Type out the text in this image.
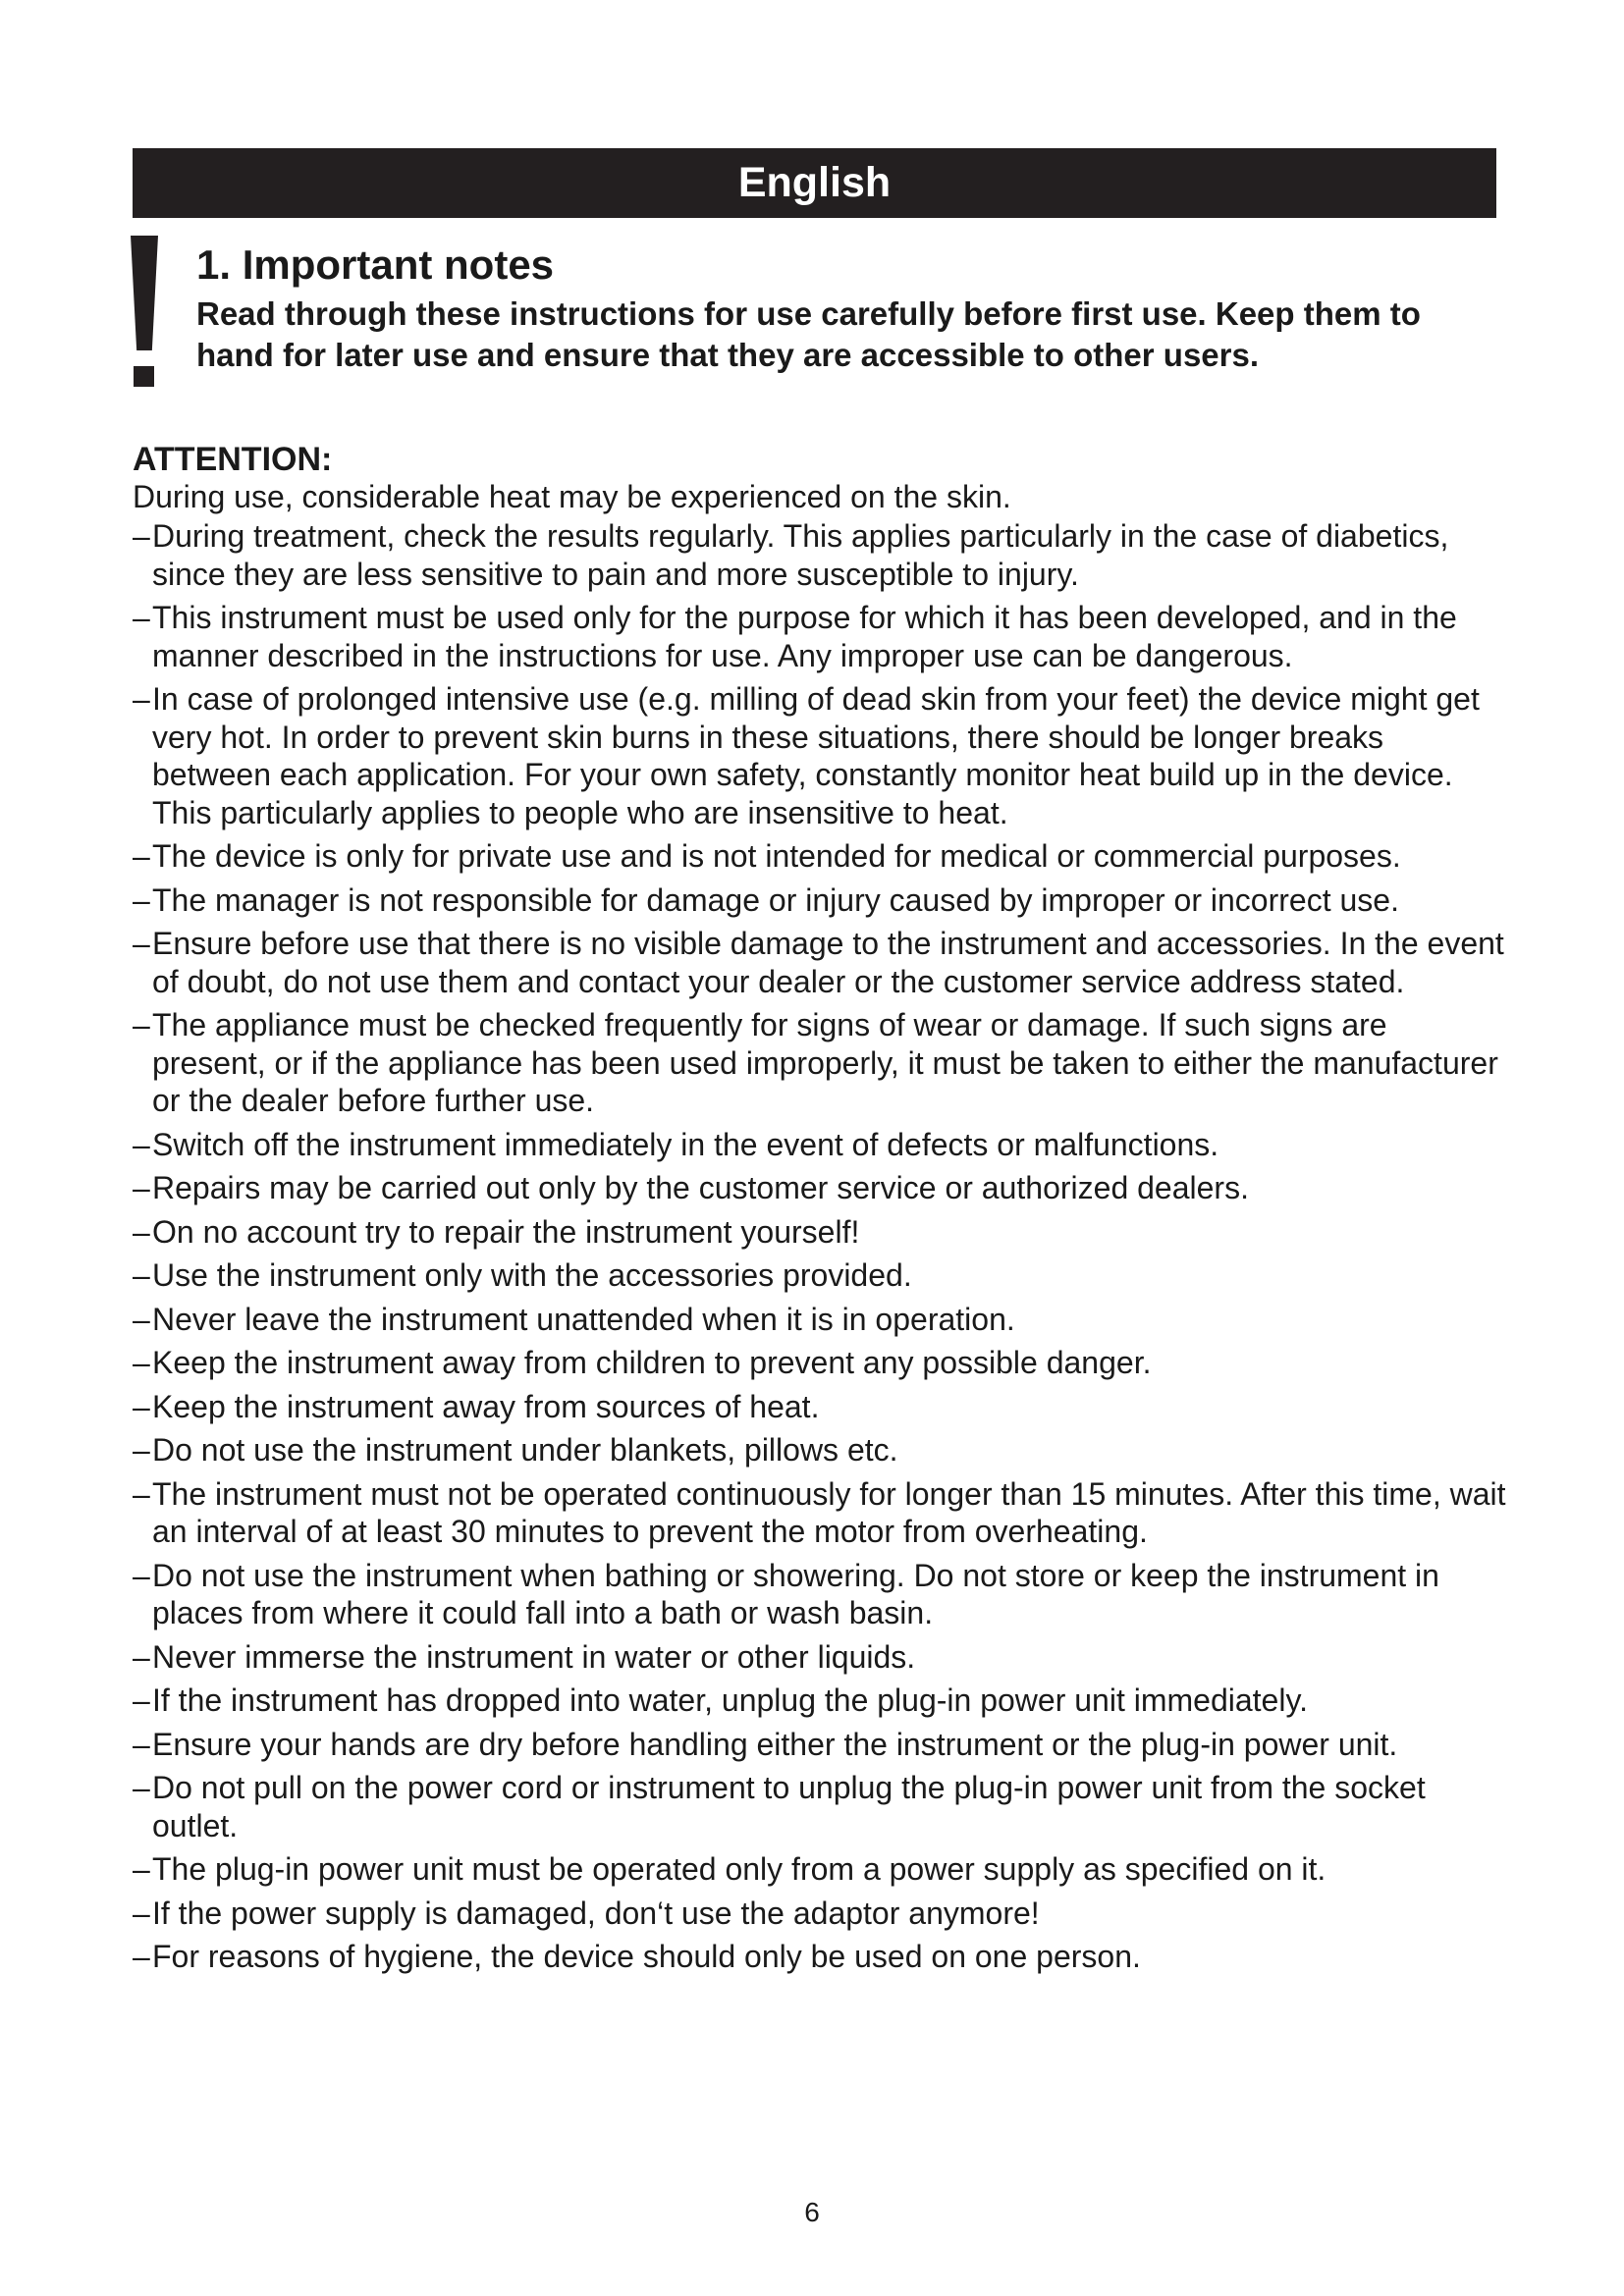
English
1. Important notes

Read through these instructions for use carefully before first use. Keep them to hand for later use and ensure that they are accessible to other users.

ATTENTION:

During use, considerable heat may be experienced on the skin.

– During treatment, check the results regularly. This applies particularly in the case of diabetics, since they are less sensitive to pain and more susceptible to injury.
– This instrument must be used only for the purpose for which it has been developed, and in the manner described in the instructions for use. Any improper use can be dangerous.
– In case of prolonged intensive use (e.g. milling of dead skin from your feet) the device might get very hot. In order to prevent skin burns in these situations, there should be longer breaks between each application. For your own safety, constantly monitor heat build up in the device. This particularly applies to people who are insensitive to heat.
– The device is only for private use and is not intended for medical or commercial purposes.
– The manager is not responsible for damage or injury caused by improper or incorrect use.
– Ensure before use that there is no visible damage to the instrument and accessories. In the event of doubt, do not use them and contact your dealer or the customer service address stated.
– The appliance must be checked frequently for signs of wear or damage. If such signs are present, or if the appliance has been used improperly, it must be taken to either the manufacturer or the dealer before further use.
– Switch off the instrument immediately in the event of defects or malfunctions.
– Repairs may be carried out only by the customer service or authorized dealers.
– On no account try to repair the instrument yourself!
– Use the instrument only with the accessories provided.
– Never leave the instrument unattended when it is in operation.
– Keep the instrument away from children to prevent any possible danger.
– Keep the instrument away from sources of heat.
– Do not use the instrument under blankets, pillows etc.
– The instrument must not be operated continuously for longer than 15 minutes. After this time, wait an interval of at least 30 minutes to prevent the motor from overheating.
– Do not use the instrument when bathing or showering. Do not store or keep the instrument in places from where it could fall into a bath or wash basin.
– Never immerse the instrument in water or other liquids.
– If the instrument has dropped into water, unplug the plug-in power unit immediately.
– Ensure your hands are dry before handling either the instrument or the plug-in power unit.
– Do not pull on the power cord or instrument to unplug the plug-in power unit from the socket outlet.
– The plug-in power unit must be operated only from a power supply as specified on it.
– If the power supply is damaged, don‘t use the adaptor anymore!
– For reasons of hygiene, the device should only be used on one person.
6
